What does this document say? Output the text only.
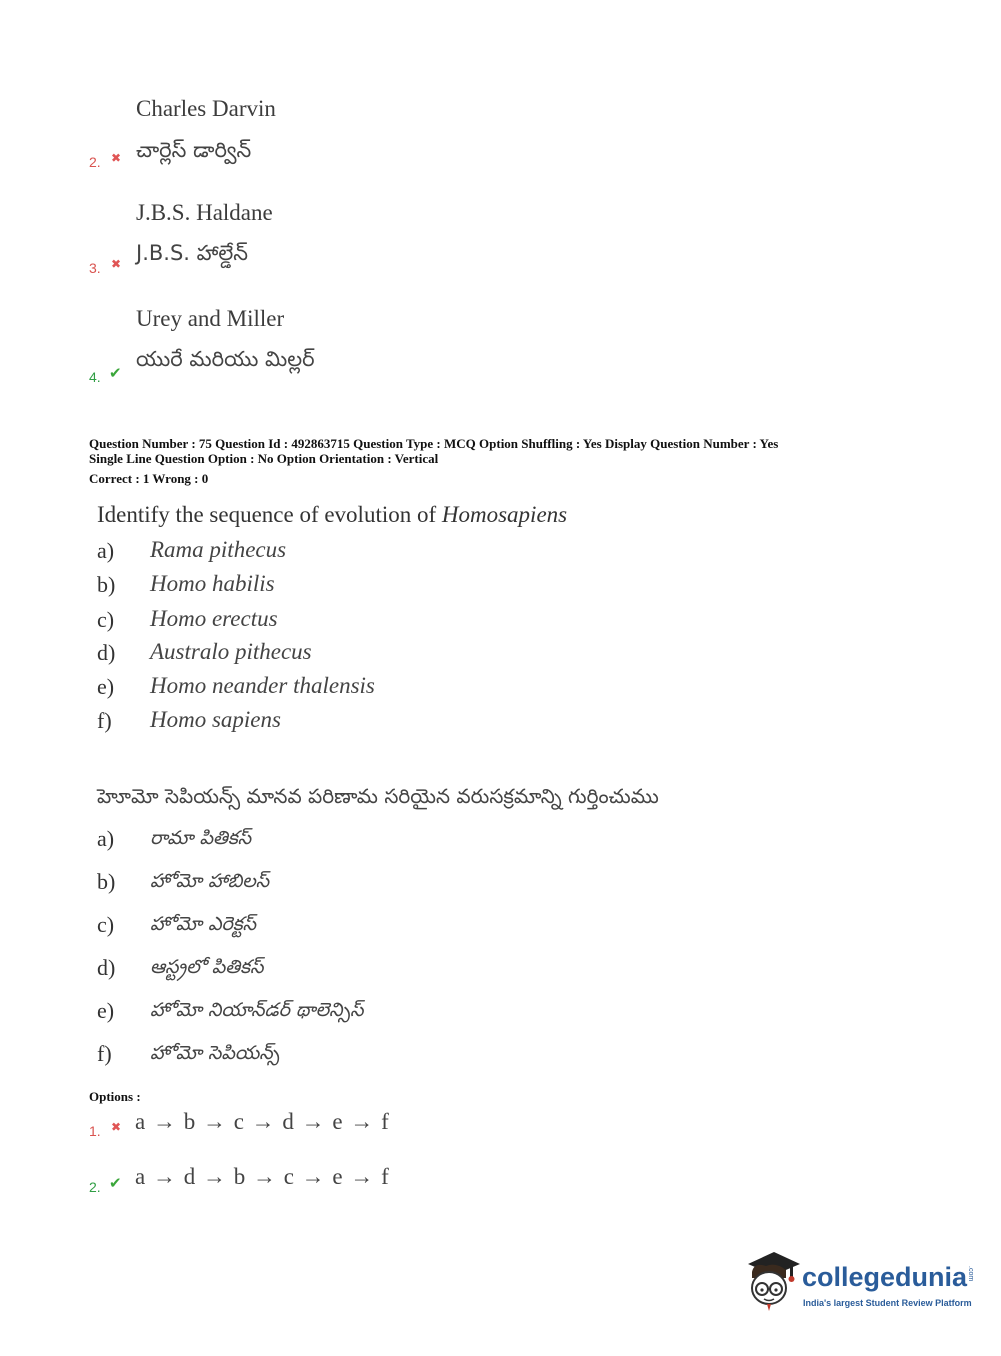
Charles Darvin
చార్లెస్ డార్విన్
2. ✖
J.B.S. Haldane
J.B.S. హాల్డేన్
3. ✖
Urey and Miller
యురే మరియు మిల్లర్
4. ✔
Question Number : 75 Question Id : 492863715 Question Type : MCQ Option Shuffling : Yes Display Question Number : Yes
Single Line Question Option : No Option Orientation : Vertical
Correct : 1 Wrong : 0
Identify the sequence of evolution of Homosapiens
a) Rama pithecus
b) Homo habilis
c) Homo erectus
d) Australo pithecus
e) Homo neander thalensis
f) Homo sapiens
హెూమో సెపియన్స్ మానవ పరిణామ సరియైన వరుసక్రమాన్ని గుర్తించుము
a) రామా పితికస్
b) హోమో హాబిలస్
c) హోమో ఎరెక్టస్
d) ఆస్ట్రలో పితికస్
e) హోమో నియాన్‌డర్ థాలెన్సిస్
f) హోమో సెపియన్స్
Options :
1. ✖ a → b → c → d → e → f
2. ✔ a → d → b → c → e → f
collegedunia.com
India's largest Student Review Platform
